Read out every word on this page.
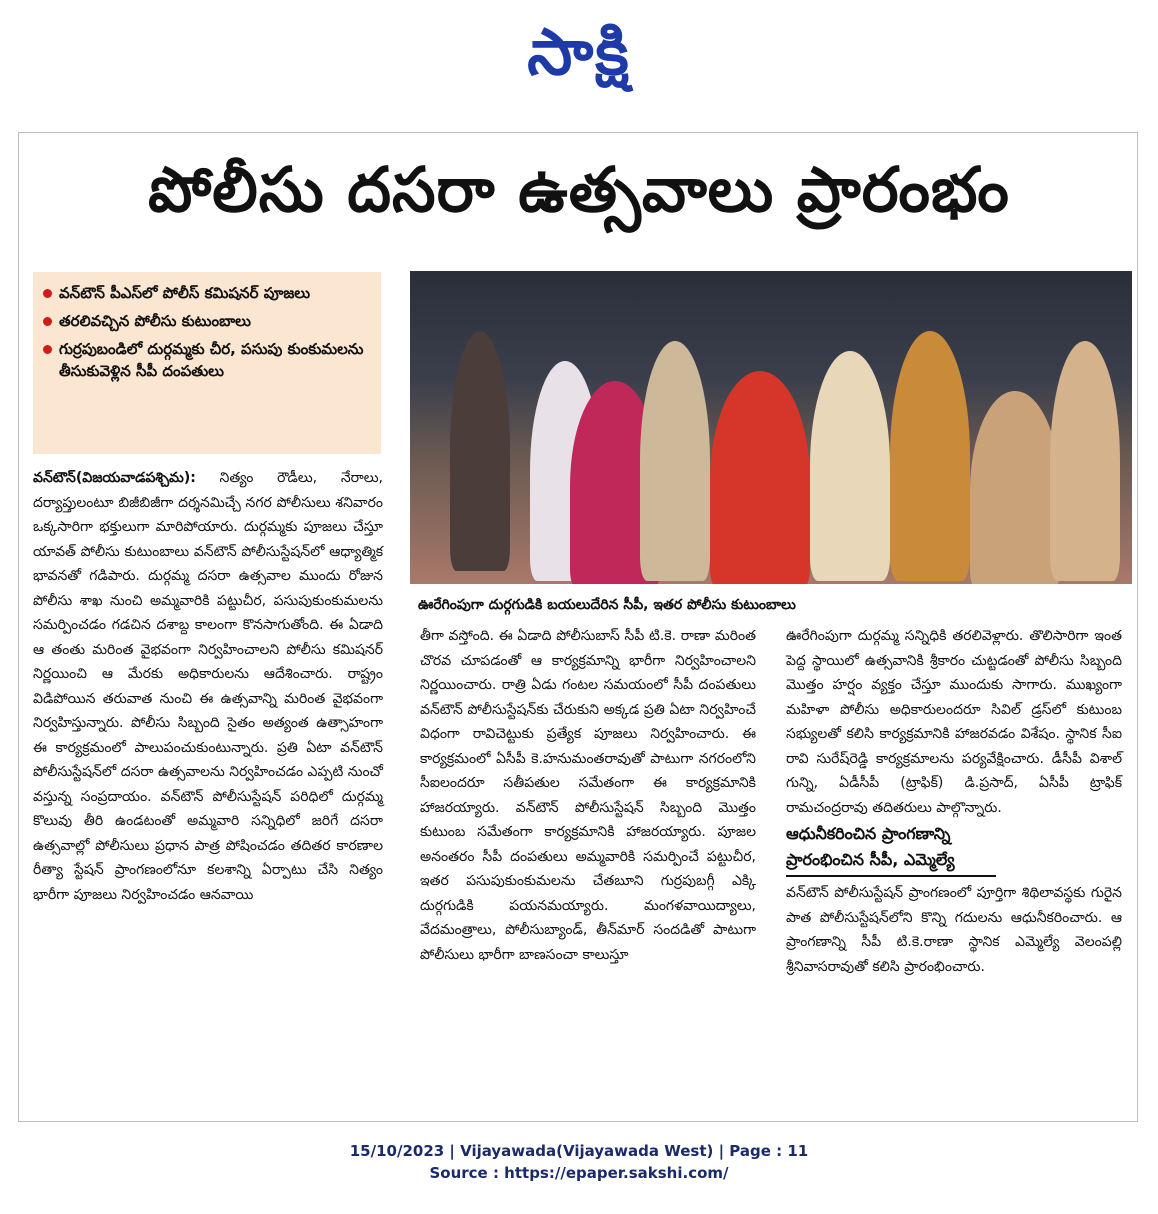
సాక్షి
పోలీసు దసరా ఉత్సవాలు ప్రారంభం
వన్‌టౌన్ పీఎస్‌లో పోలీస్ కమిషనర్ పూజలు
తరలివచ్చిన పోలీసు కుటుంబాలు
గుర్రపుబండిలో దుర్గమ్మకు చీర, పసుపు కుంకుమలను తీసుకువెళ్లిన సీపీ దంపతులు
ఊరేగింపుగా దుర్గగుడికి బయలుదేరిన సీపీ, ఇతర పోలీసు కుటుంబాలు
వన్‌టౌన్(విజయవాడపశ్చిమ): నిత్యం రౌడీలు, నేరాలు, దర్యాప్తులంటూ బిజీబిజీగా దర్శనమిచ్చే నగర పోలీసులు శనివారం ఒక్కసారిగా భక్తులుగా మారిపోయారు. దుర్గమ్మకు పూజలు చేస్తూ యావత్ పోలీసు కుటుంబాలు వన్‌టౌన్ పోలీసుస్టేషన్‌లో ఆధ్యాత్మిక భావనతో గడిపారు. దుర్గమ్మ దసరా ఉత్సవాల ముందు రోజున పోలీసు శాఖ నుంచి అమ్మవారికి పట్టుచీర, పసుపుకుంకుమలను సమర్పించడం గడచిన దశాబ్ద కాలంగా కొనసాగుతోంది. ఈ ఏడాది ఆ తంతు మరింత వైభవంగా నిర్వహించాలని పోలీసు కమిషనర్ నిర్ణయించి ఆ మేరకు అధికారులను ఆదేశించారు. రాష్ట్రం విడిపోయిన తరువాత నుంచి ఈ ఉత్సవాన్ని మరింత వైభవంగా నిర్వహిస్తున్నారు. పోలీసు సిబ్బంది సైతం అత్యంత ఉత్సాహంగా ఈ కార్యక్రమంలో పాలుపంచుకుంటున్నారు. ప్రతి ఏటా వన్‌టౌన్ పోలీసుస్టేషన్‌లో దసరా ఉత్సవాలను నిర్వహించడం ఎప్పటి నుంచో వస్తున్న సంప్రదాయం. వన్‌టౌన్ పోలీసుస్టేషన్ పరిధిలో దుర్గమ్మ కొలువు తీరి ఉండటంతో అమ్మవారి సన్నిధిలో జరిగే దసరా ఉత్సవాల్లో పోలీసులు ప్రధాన పాత్ర పోషించడం తదితర కారణాల రీత్యా స్టేషన్ ప్రాంగణంలోనూ కలశాన్ని ఏర్పాటు చేసి నిత్యం భారీగా పూజలు నిర్వహించడం ఆనవాయి
తీగా వస్తోంది. ఈ ఏడాది పోలీసుబాస్ సీపీ టి.కె. రాణా మరింత చొరవ చూపడంతో ఆ కార్యక్రమాన్ని భారీగా నిర్వహించాలని నిర్ణయించారు. రాత్రి ఏడు గంటల సమయంలో సీపీ దంపతులు వన్‌టౌన్ పోలీసుస్టేషన్‌కు చేరుకుని అక్కడ ప్రతి ఏటా నిర్వహించే విధంగా రావిచెట్టుకు ప్రత్యేక పూజలు నిర్వహించారు. ఈ కార్యక్రమంలో ఏసీపీ కె.హనుమంతరావుతో పాటుగా నగరంలోని సీఐలందరూ సతీపతుల సమేతంగా ఈ కార్యక్రమానికి హాజరయ్యారు. వన్‌టౌన్ పోలీసుస్టేషన్ సిబ్బంది మొత్తం కుటుంబ సమేతంగా కార్యక్రమానికి హాజరయ్యారు. పూజల అనంతరం సీపీ దంపతులు అమ్మవారికి సమర్పించే పట్టుచీర, ఇతర పసుపుకుంకుమలను చేతబూని గుర్రపుబగ్గీ ఎక్కి దుర్గగుడికి పయనమయ్యారు. మంగళవాయిద్యాలు, వేదమంత్రాలు, పోలీసుబ్యాండ్, తీన్‌మార్ సందడితో పాటుగా పోలీసులు భారీగా బాణసంచా కాలుస్తూ
ఊరేగింపుగా దుర్గమ్మ సన్నిధికి తరలివెళ్లారు. తొలిసారిగా ఇంత పెద్ద స్థాయిలో ఉత్సవానికి శ్రీకారం చుట్టడంతో పోలీసు సిబ్బంది మొత్తం హర్షం వ్యక్తం చేస్తూ ముందుకు సాగారు. ముఖ్యంగా మహిళా పోలీసు అధికారులందరూ సివిల్ డ్రస్‌లో కుటుంబ సభ్యులతో కలిసి కార్యక్రమానికి హాజరవడం విశేషం. స్థానిక సీఐ రావి సురేష్‌రెడ్డి కార్యక్రమాలను పర్యవేక్షించారు. డీసీపీ విశాల్ గున్ని, ఏడీసీపీ (ట్రాఫిక్) డి.ప్రసాద్, ఏసీపీ ట్రాఫిక్ రామచంద్రరావు తదితరులు పాల్గొన్నారు.
ఆధునీకరించిన ప్రాంగణాన్ని
ప్రారంభించిన సీపీ, ఎమ్మెల్యే
వన్‌టౌన్ పోలీసుస్టేషన్ ప్రాంగణంలో పూర్తిగా శిథిలావస్థకు గురైన పాత పోలీసుస్టేషన్‌లోని కొన్ని గదులను ఆధునీకరించారు. ఆ ప్రాంగణాన్ని సీపీ టి.కె.రాణా స్థానిక ఎమ్మెల్యే వెలంపల్లి శ్రీనివాసరావుతో కలిసి ప్రారంభించారు.
15/10/2023 | Vijayawada(Vijayawada West) | Page : 11
Source : https://epaper.sakshi.com/
